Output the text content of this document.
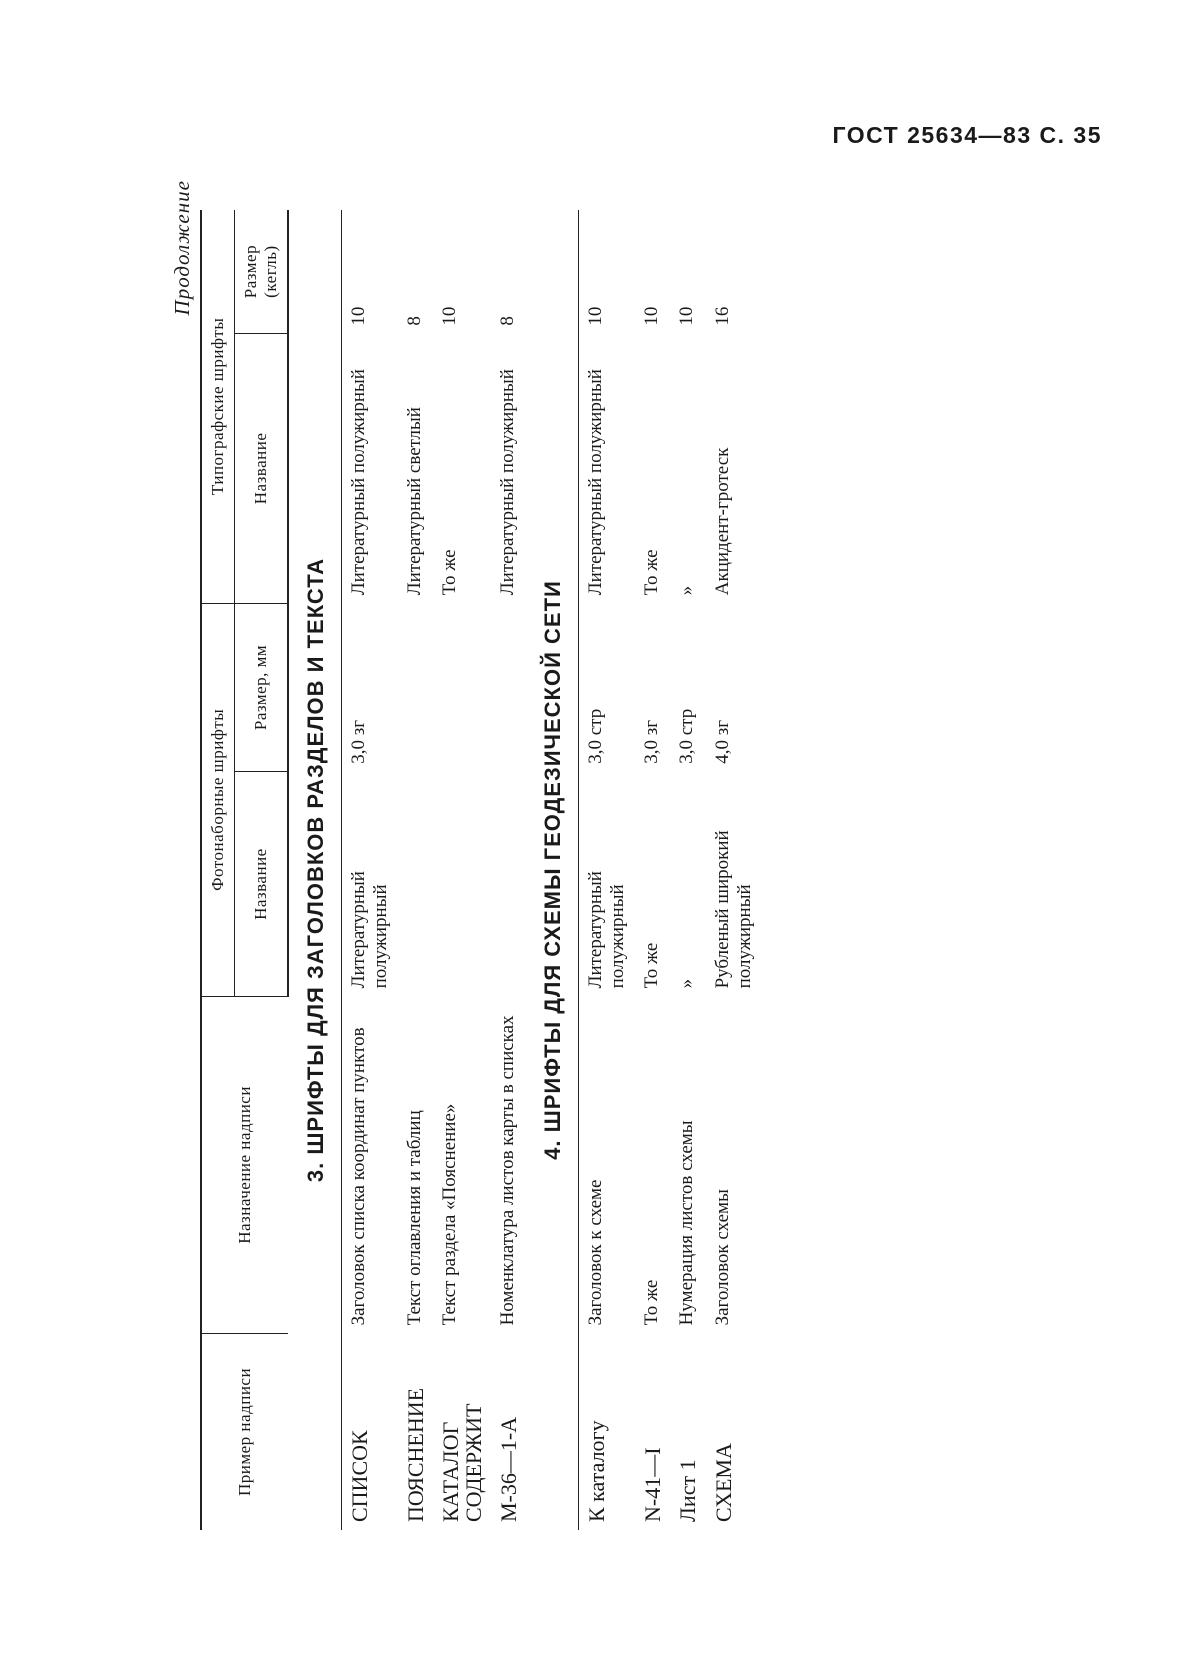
ГОСТ 25634—83 С. 35
Продолжение
Пример надписи	Назначение надписи	Фотонаборные шрифты		Типографские шрифты	
		Название	Размер, мм	Название	Размер (кегль)
3. ШРИФТЫ ДЛЯ ЗАГОЛОВКОВ РАЗДЕЛОВ И ТЕКСТА					

СПИСОК	Заголовок списка координат пунктов	Литературный полужирный	3,0 зг	Литературный полужирный	10
ПОЯСНЕНИЕ	Текст оглавления и таблиц			Литературный светлый	8
КАТАЛОГ СОДЕРЖИТ	Текст раздела «Пояснение»			То же	10
М-36—1-А	Номенклатура листов карты в списках			Литературный полужирный	8
4. ШРИФТЫ ДЛЯ СХЕМЫ ГЕОДЕЗИЧЕСКОЙ СЕТИ					

К каталогу	Заголовок к схеме	Литературный полужирный	3,0 стр	Литературный полужирный	10
N-41—I	То же	То же	3,0 зг	То же	10
Лист 1	Нумерация листов схемы	»	3,0 стр	»	10
СХЕМА	Заголовок схемы	Рубленый широкий полужирный	4,0 зг	Акцидент-гротеск	16
